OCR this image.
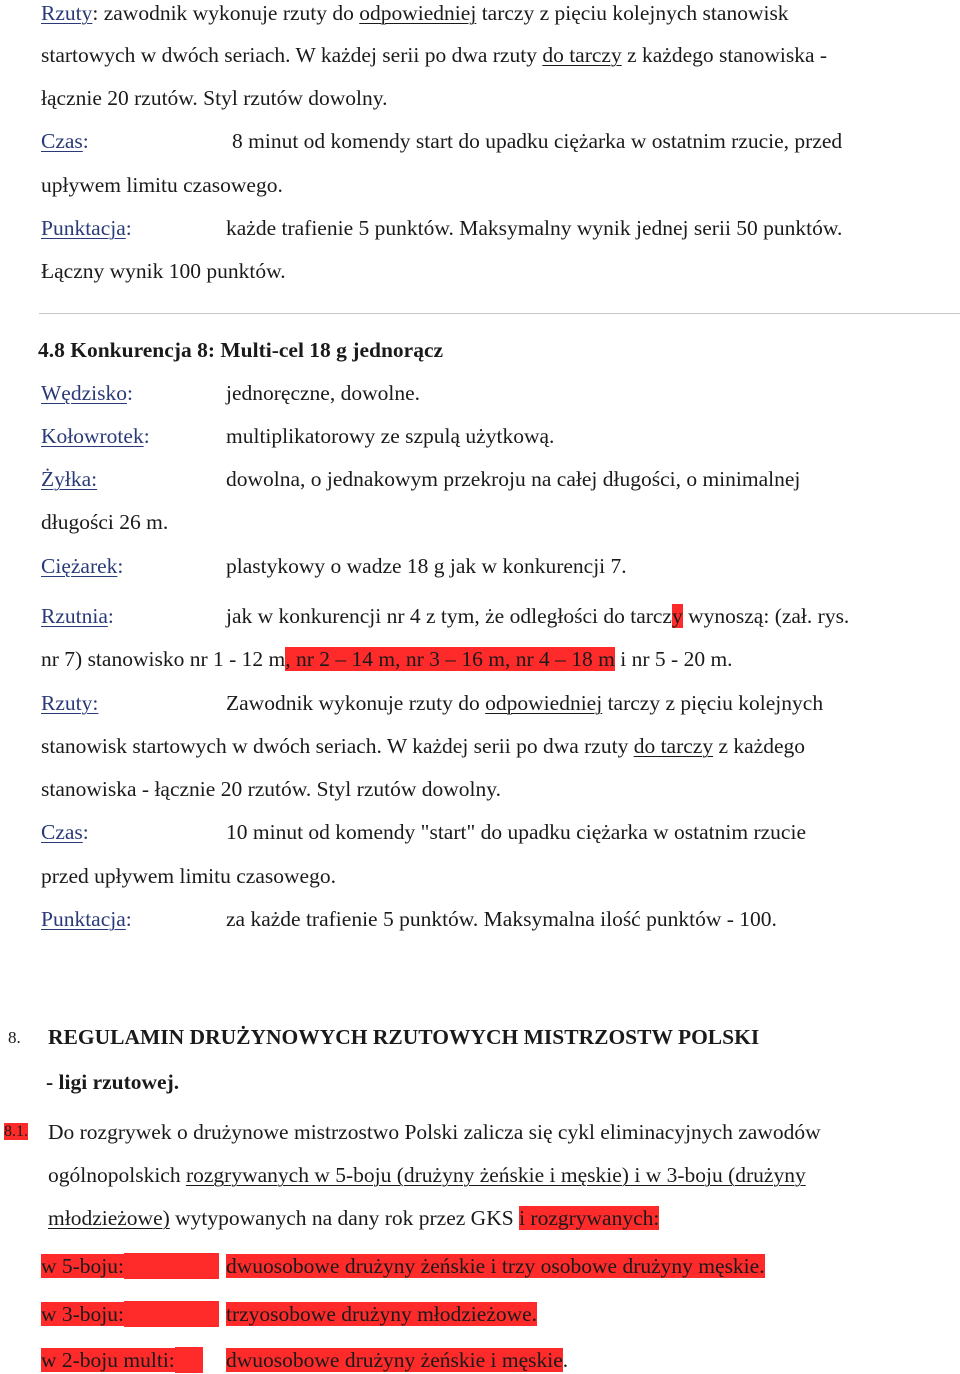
Rzuty: zawodnik wykonuje rzuty do odpowiedniej tarczy z pięciu kolejnych stanowisk
startowych w dwóch seriach. W każdej serii po dwa rzuty do tarczy z każdego stanowiska -
łącznie 20 rzutów. Styl rzutów dowolny.
Czas:	8 minut od komendy start do upadku ciężarka w ostatnim rzucie, przed
upływem limitu czasowego.
Punktacja:	każde trafienie 5 punktów. Maksymalny wynik jednej serii 50 punktów.
Łączny wynik 100 punktów.
4.8 Konkurencja 8: Multi-cel 18 g jednorącz
Wędzisko:	jednoręczne, dowolne.
Kołowrotek:	multiplikatorowy ze szpulą użytkową.
Żyłka:	dowolna, o jednakowym przekroju na całej długości, o minimalnej
długości 26 m.
Ciężarek:	plastykowy o wadze 18 g jak w konkurencji 7.
Rzutnia:	jak w konkurencji nr 4 z tym, że odległości do tarczy wynoszą: (zał. rys.
nr 7) stanowisko nr 1 - 12 m, nr 2 – 14 m, nr 3 – 16 m, nr 4 – 18 m i nr 5 - 20 m.
Rzuty:	Zawodnik wykonuje rzuty do odpowiedniej tarczy z pięciu kolejnych
stanowisk startowych w dwóch seriach. W każdej serii po dwa rzuty do tarczy z każdego
stanowiska - łącznie 20 rzutów. Styl rzutów dowolny.
Czas:	10 minut od komendy "start" do upadku ciężarka w ostatnim rzucie
przed upływem limitu czasowego.
Punktacja:	za każde trafienie 5 punktów. Maksymalna ilość punktów - 100.
8. REGULAMIN DRUŻYNOWYCH RZUTOWYCH MISTRZOSTW POLSKI
- ligi rzutowej.
8.1. Do rozgrywek o drużynowe mistrzostwo Polski zalicza się cykl eliminacyjnych zawodów
ogólnopolskich rozgrywanych w 5-boju (drużyny żeńskie i męskie) i w 3-boju (drużyny
młodzieżowe) wytypowanych na dany rok przez GKS i rozgrywanych:
w 5-boju:	dwuosobowe drużyny żeńskie i trzy osobowe drużyny męskie.
w 3-boju:	trzyosobowe drużyny młodzieżowe.
w 2-boju multi:	dwuosobowe drużyny żeńskie i męskie.
